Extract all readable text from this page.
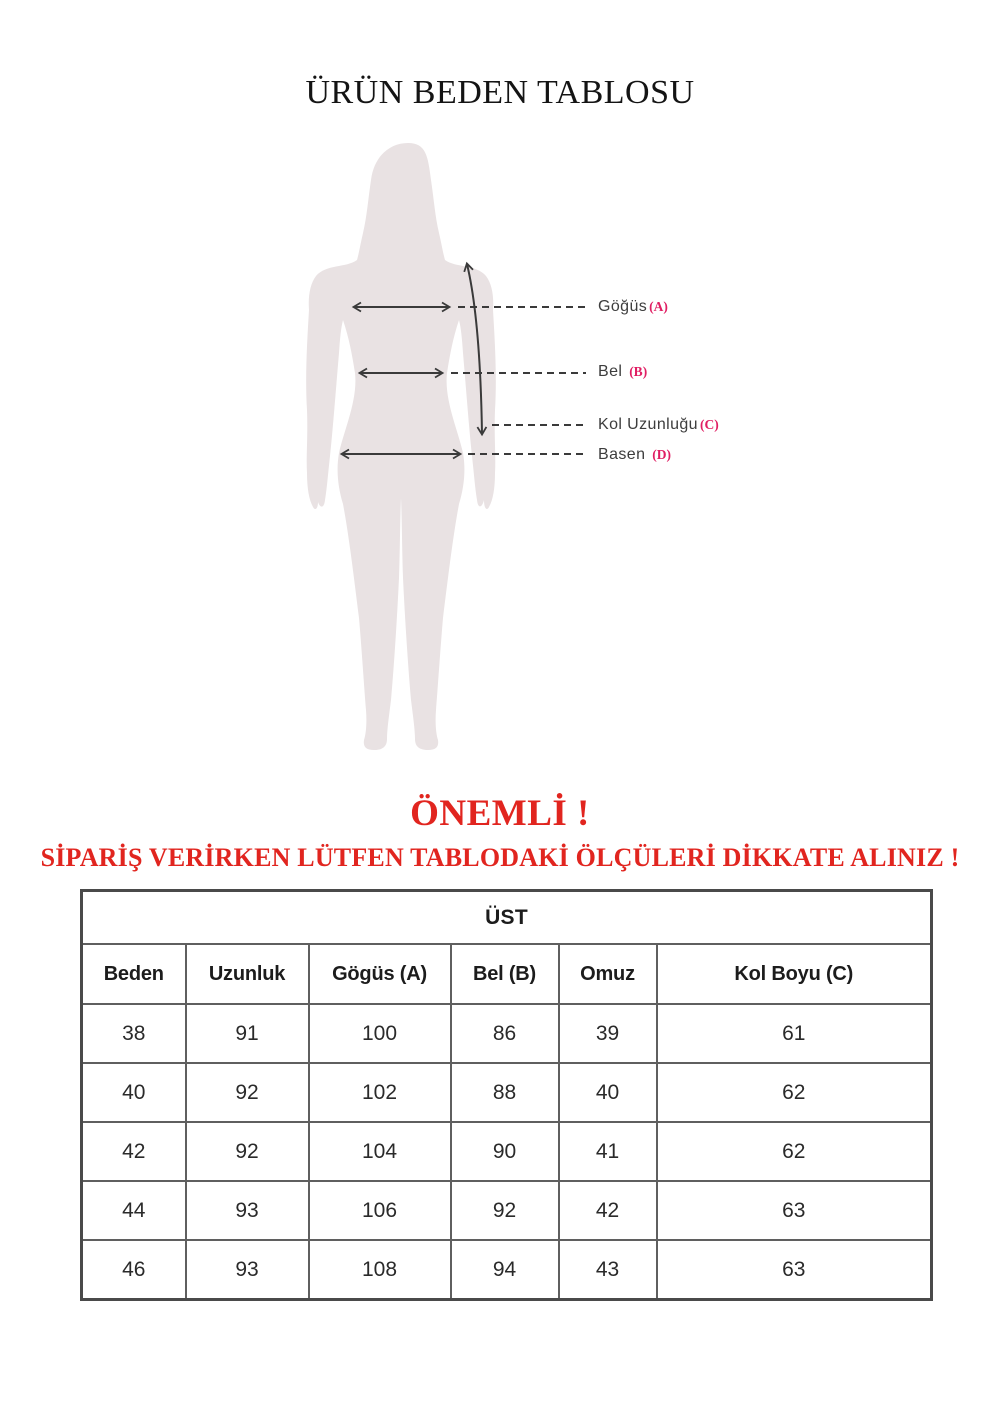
ÜRÜN BEDEN TABLOSU
Göğüs (A)
Bel (B)
Kol Uzunluğu (C)
Basen (D)
ÖNEMLİ !
SİPARİŞ VERİRKEN LÜTFEN TABLODAKİ ÖLÇÜLERİ DİKKATE ALINIZ !
ÜST					
Beden	Uzunluk	Gögüs (A)	Bel (B)	Omuz	Kol Boyu (C)
38	91	100	86	39	61
40	92	102	88	40	62
42	92	104	90	41	62
44	93	106	92	42	63
46	93	108	94	43	63
